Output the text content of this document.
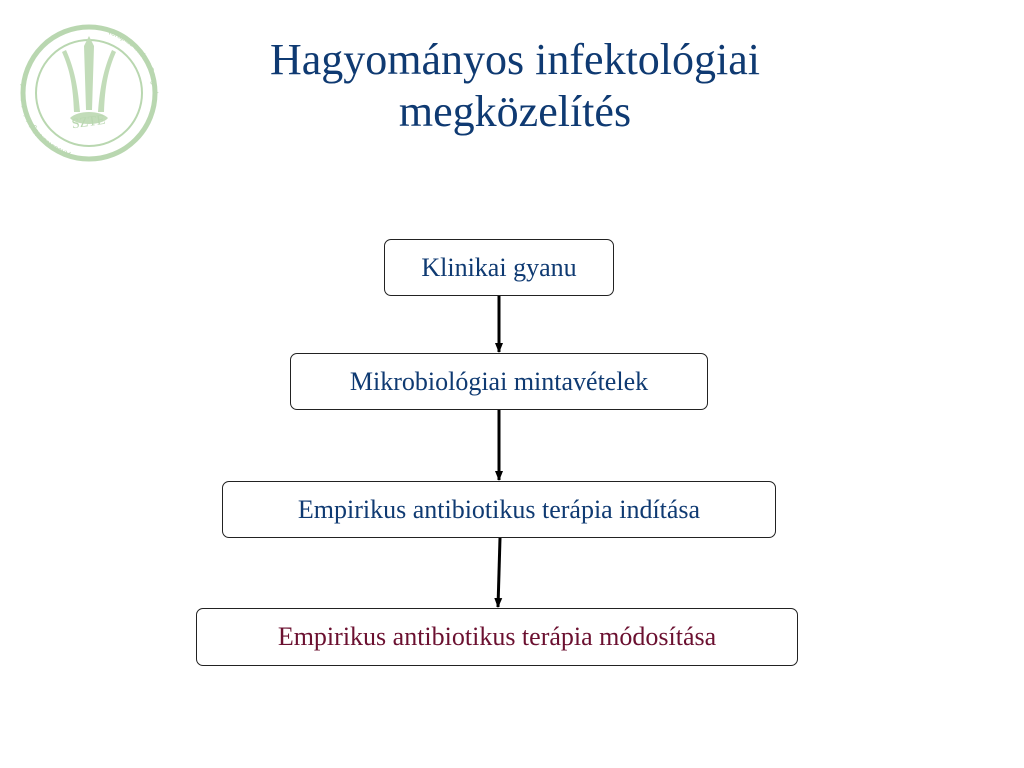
SZTE
Aneszteziológiai és Intenzív
Terápiás Intézet Szeged
Hagyományos infektológiai
megközelítés
Klinikai gyanu
Mikrobiológiai mintavételek
Empirikus antibiotikus terápia indítása
Empirikus antibiotikus terápia módosítása
